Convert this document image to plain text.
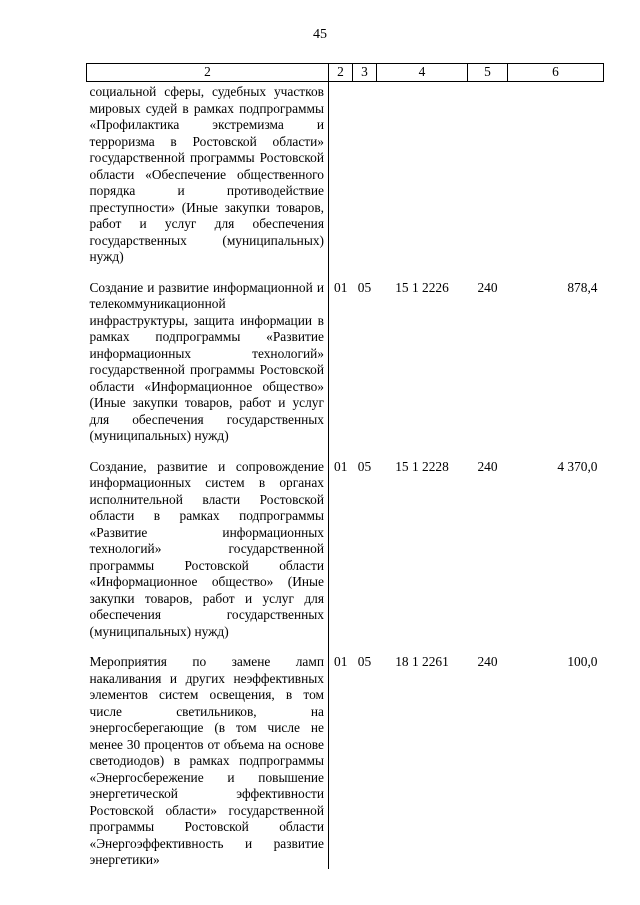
45
2	2	3	4	5	6
социальной сферы, судебных участков мировых судей в рамках подпрограммы «Профилактика экстремизма и терроризма в Ростовской области» государственной программы Ростовской области «Обеспечение общественного порядка и противодействие преступности» (Иные закупки товаров, работ и услуг для обеспечения государственных (муниципальных) нужд)					
Создание и развитие информационной и телекоммуникационной инфраструктуры, защита информации в рамках подпрограммы «Развитие информационных технологий» государственной программы Ростовской области «Информационное общество» (Иные закупки товаров, работ и услуг для обеспечения государственных (муниципальных) нужд)	01	05	15 1 2226	240	878,4
Создание, развитие и сопровождение информационных систем в органах исполнительной власти Ростовской области в рамках подпрограммы «Развитие информационных технологий» государственной программы Ростовской области «Информационное общество» (Иные закупки товаров, работ и услуг для обеспечения государственных (муниципальных) нужд)	01	05	15 1 2228	240	4 370,0
Мероприятия по замене ламп накаливания и других неэффективных элементов систем освещения, в том числе светильников, на энергосберегающие (в том числе не менее 30 процентов от объема на основе светодиодов) в рамках подпрограммы «Энергосбережение и повышение энергетической эффективности Ростовской области» государственной программы Ростовской области «Энергоэффективность и развитие энергетики»	01	05	18 1 2261	240	100,0
